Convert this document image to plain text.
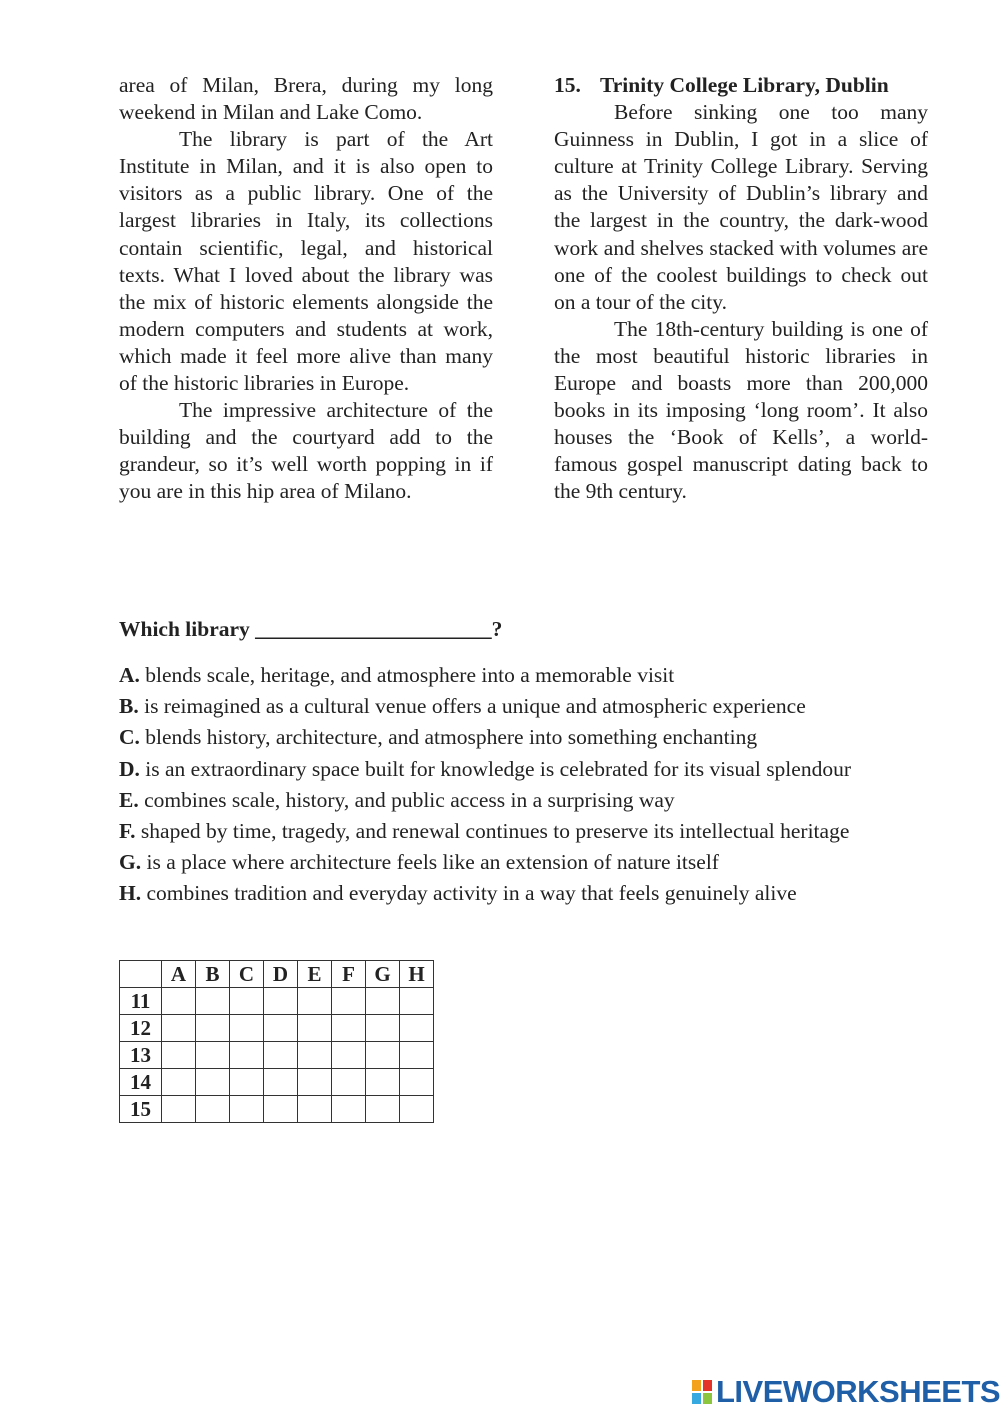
area of Milan, Brera, during my long weekend in Milan and Lake Como.

The library is part of the Art Institute in Milan, and it is also open to visitors as a public library. One of the largest libraries in Italy, its collections contain scientific, legal, and historical texts. What I loved about the library was the mix of historic elements alongside the modern computers and students at work, which made it feel more alive than many of the historic libraries in Europe.

The impressive architecture of the building and the courtyard add to the grandeur, so it’s well worth popping in if you are in this hip area of Milano.

15. Trinity College Library, Dublin

Before sinking one too many Guinness in Dublin, I got in a slice of culture at Trinity College Library. Serving as the University of Dublin’s library and the largest in the country, the dark-wood work and shelves stacked with volumes are one of the coolest buildings to check out on a tour of the city.

The 18th-century building is one of the most beautiful historic libraries in Europe and boasts more than 200,000 books in its imposing ‘long room’. It also houses the ‘Book of Kells’, a world-famous gospel manuscript dating back to the 9th century.

Which library ______________________?
A. blends scale, heritage, and atmosphere into a memorable visit
B. is reimagined as a cultural venue offers a unique and atmospheric experience
C. blends history, architecture, and atmosphere into something enchanting
D. is an extraordinary space built for knowledge is celebrated for its visual splendour
E. combines scale, history, and public access in a surprising way
F. shaped by time, tragedy, and renewal continues to preserve its intellectual heritage
G. is a place where architecture feels like an extension of nature itself
H. combines tradition and everyday activity in a way that feels genuinely alive
	A	B	C	D	E	F	G	H
11								
12								
13								
14								
15								
LIVEWORKSHEETS
